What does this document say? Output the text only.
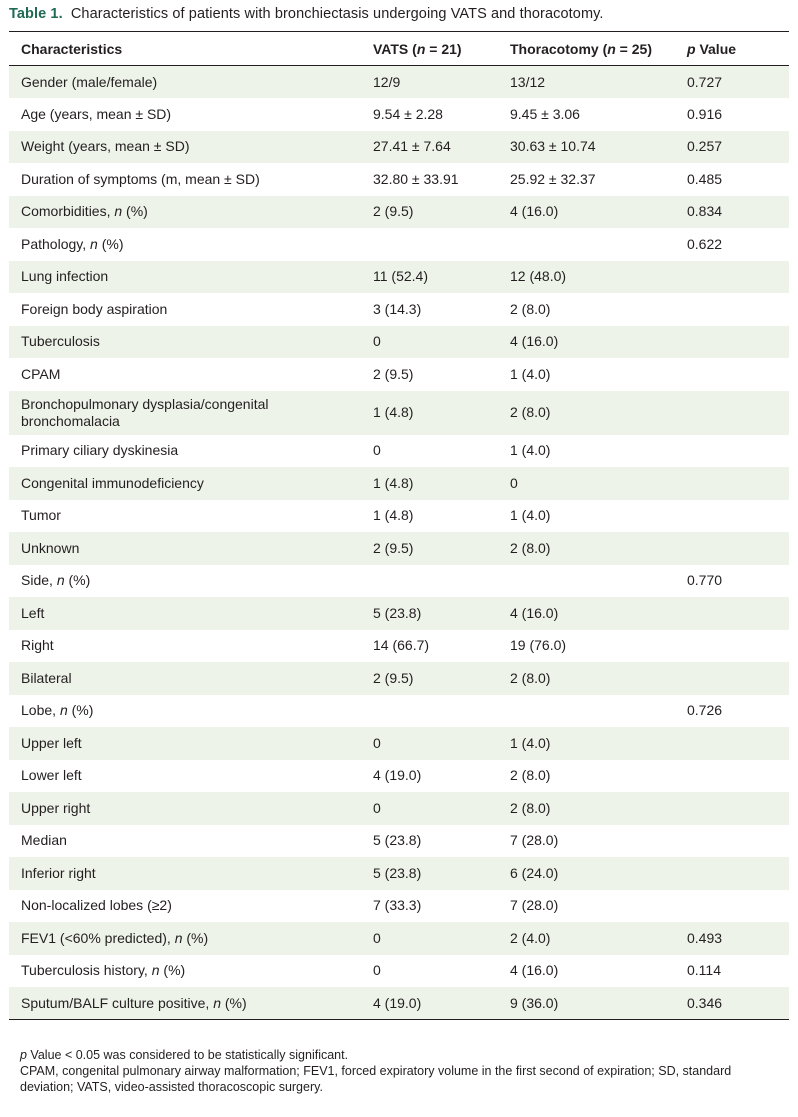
Table 1. Characteristics of patients with bronchiectasis undergoing VATS and thoracotomy.
Characteristics	VATS (n = 21)	Thoracotomy (n = 25)	p Value
Gender (male/female)	12/9	13/12	0.727
Age (years, mean ± SD)	9.54 ± 2.28	9.45 ± 3.06	0.916
Weight (years, mean ± SD)	27.41 ± 7.64	30.63 ± 10.74	0.257
Duration of symptoms (m, mean ± SD)	32.80 ± 33.91	25.92 ± 32.37	0.485
Comorbidities, n (%)	2 (9.5)	4 (16.0)	0.834
Pathology, n (%)			0.622
Lung infection	11 (52.4)	12 (48.0)	
Foreign body aspiration	3 (14.3)	2 (8.0)	
Tuberculosis	0	4 (16.0)	
CPAM	2 (9.5)	1 (4.0)	
Bronchopulmonary dysplasia/congenital bronchomalacia	1 (4.8)	2 (8.0)	
Primary ciliary dyskinesia	0	1 (4.0)	
Congenital immunodeficiency	1 (4.8)	0	
Tumor	1 (4.8)	1 (4.0)	
Unknown	2 (9.5)	2 (8.0)	
Side, n (%)			0.770
Left	5 (23.8)	4 (16.0)	
Right	14 (66.7)	19 (76.0)	
Bilateral	2 (9.5)	2 (8.0)	
Lobe, n (%)			0.726
Upper left	0	1 (4.0)	
Lower left	4 (19.0)	2 (8.0)	
Upper right	0	2 (8.0)	
Median	5 (23.8)	7 (28.0)	
Inferior right	5 (23.8)	6 (24.0)	
Non-localized lobes (≥2)	7 (33.3)	7 (28.0)	
FEV1 (<60% predicted), n (%)	0	2 (4.0)	0.493
Tuberculosis history, n (%)	0	4 (16.0)	0.114
Sputum/BALF culture positive, n (%)	4 (19.0)	9 (36.0)	0.346

p Value < 0.05 was considered to be statistically significant.

CPAM, congenital pulmonary airway malformation; FEV1, forced expiratory volume in the first second of expiration; SD, standard deviation; VATS, video-assisted thoracoscopic surgery.
